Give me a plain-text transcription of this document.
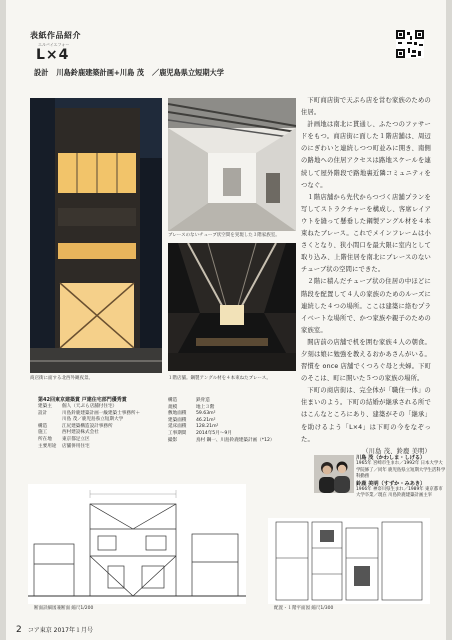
表紙作品紹介
エルバイエフォー
L×4
設計 川島鈴鹿建築計画+川島 茂 ／鹿児島県立短期大学
商店街に面する北西外観夜景。
ブレースのないチューブ状空間を実現した３階家族室。
１階店舗。鋼製アングル材を４本束ねたブレース。

下町商店街で天ぷら店を営む家族のための住居。

計画地は南北に貫通し、ふたつのファサードをもつ。商店街に面した１階店舗は、周辺のにぎわいと連続しつつ町並みに開き、南側の路地への住居アクセスは路地スケールを連続して屋外階段で路地裏近隣コミュニティをつなぐ。

１階店舗から先代からつづく店舗プランを写してストラクチャーを構成し、客席レイアウトを縫って懸垂した鋼製アングル材を４本束ねたブレース。これでメインフレームは小さくとなり、狭小間口を最大限に室内として取り込み、上階住居を南北にブレースのないチューブ状の空間にできた。

２階に積んだチューブ状の住居の中ほどに階段を配置して４人の家族のためのルーズに連続した４つの場所。ここは建築に絡むプライベートな場所で、かつ家族や親子のための家族室。

開店前の店舗で机を囲む家族４人の朝食。夕刻は娘に勉強を教えるおかあさんがいる。習慣を once 店舗でくつろぐ母と夫婦。下町のそこは、町に開いた５つの家族の場所。

下町の商店街は、完全体が「職住一体」の住まいのよう。下町の結婚が継承される所ではこんなところにあり、建築がその「継承」を助けるよう「L×4」は下町の今をなぞった。

（川島 茂、鈴鹿 美明）

第42回東京建築賞 戸建住宅部門優秀賞
建築主	個人（天ぷら店舗付住宅）
設計	川島鈴鹿建築計画一級建築士事務所＋
川島 茂／鹿児島県立短期大学
構造	江尻建築構造設計事務所
施工	西村建設株式会社
所在地	東京都足立区
主要用途	店舗併用住宅
構造	鉄骨造
規模	地上３階
敷地面積	59.63m²
建築面積	46.21m²
延床面積	128.21m²
工事期間	2014年5月〜9月
撮影	鳥村 鋼一、川島鈴鹿建築計画（*12）
川島 茂（かわしま・しげる）
1965年 宮崎市生まれ／1992年 日本大学大学院修了／同年 鹿児島県立短期大学生活科学科勤務
鈴鹿 美明（すずか・みあき）
1966年 神奈川県生まれ／1989年 東京都市大学卒業／現在 川島鈴鹿建築計画主宰
断面詳細図兼断面 縮尺1/200	配置・１階平面図 縮尺1/300
2 コア東京 2017年１月号
